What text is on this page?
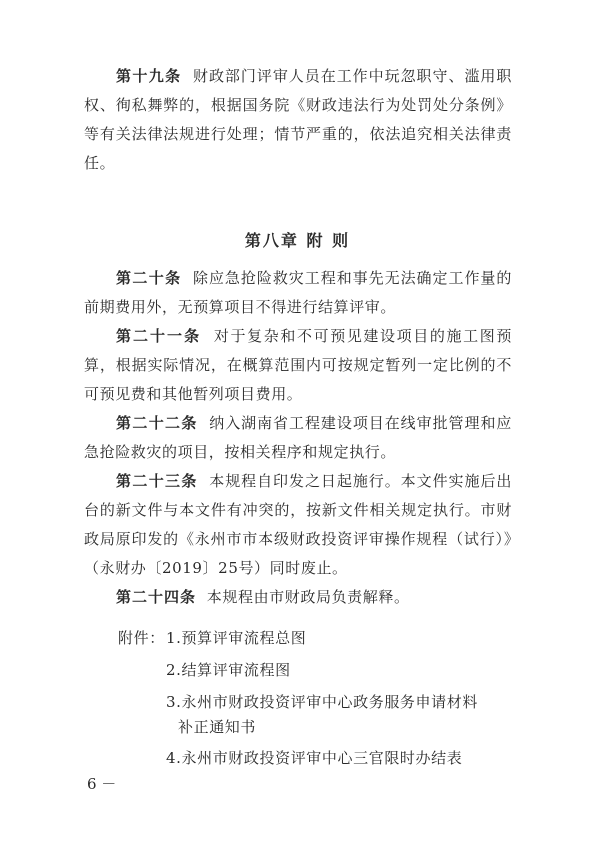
第十九条 财政部门评审人员在工作中玩忽职守、滥用职权、徇私舞弊的，根据国务院《财政违法行为处罚处分条例》等有关法律法规进行处理；情节严重的，依法追究相关法律责任。

第八章 附 则

第二十条 除应急抢险救灾工程和事先无法确定工作量的前期费用外，无预算项目不得进行结算评审。

第二十一条 对于复杂和不可预见建设项目的施工图预算，根据实际情况，在概算范围内可按规定暂列一定比例的不可预见费和其他暂列项目费用。

第二十二条 纳入湖南省工程建设项目在线审批管理和应急抢险救灾的项目，按相关程序和规定执行。

第二十三条 本规程自印发之日起施行。本文件实施后出台的新文件与本文件有冲突的，按新文件相关规定执行。市财政局原印发的《永州市市本级财政投资评审操作规程（试行）》（永财办〔2019〕25号）同时废止。

第二十四条 本规程由市财政局负责解释。

附件： 1.预算评审流程总图
2.结算评审流程图
3.永州市财政投资评审中心政务服务申请材料
补正通知书
4.永州市财政投资评审中心三官限时办结表
6 －
